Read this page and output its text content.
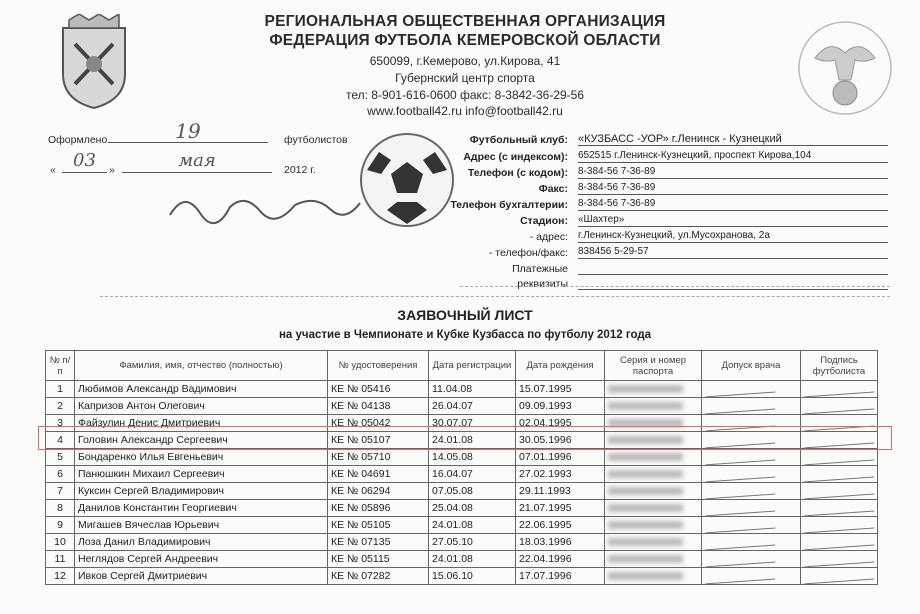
РЕГИОНАЛЬНАЯ ОБЩЕСТВЕННАЯ ОРГАНИЗАЦИЯ
ФЕДЕРАЦИЯ ФУТБОЛА КЕМЕРОВСКОЙ ОБЛАСТИ
650099, г.Кемерово, ул.Кирова, 41
Губернский центр спорта
тел: 8-901-616-0600 факс: 8-3842-36-29-56
www.football42.ru info@football42.ru
Оформлено	19	футболистов
« 03	»	мая	2012 г.
Футбольный клуб: «КУЗБАСС -УОР» г.Ленинск - Кузнецкий
Адрес (с индексом): 652515 г.Ленинск-Кузнецкий, проспект Кирова,104
Телефон (с кодом): 8-384-56 7-36-89
Факс: 8-384-56 7-36-89
Телефон бухгалтерии: 8-384-56 7-36-89
Стадион: «Шахтер»
- адрес: г.Ленинск-Кузнецкий, ул.Мусохранова, 2а
- телефон/факс: 838456 5-29-57
Платежные
реквизиты
ЗАЯВОЧНЫЙ ЛИСТ
на участие в Чемпионате и Кубке Кузбасса по футболу 2012 года
№ п/п	Фамилия, имя, отчество (полностью)	№ удостоверения	Дата регистрации	Дата рождения	Серия и номер паспорта	Допуск врача	Подпись футболиста
1	Любимов Александр Вадимович	КЕ № 05416	11.04.08	15.07.1995			
2	Капризов Антон Олегович	КЕ № 04138	26.04.07	09.09.1993			
3	Файзулин Денис Дмитриевич	КЕ № 05042	30.07.07	02.04.1995			
4	Головин Александр Сергеевич	КЕ № 05107	24.01.08	30.05.1996			
5	Бондаренко Илья Евгеньевич	КЕ № 05710	14.05.08	07.01.1996			
6	Панюшкин Михаил Сергеевич	КЕ № 04691	16.04.07	27.02.1993			
7	Куксин Сергей Владимирович	КЕ № 06294	07.05.08	29.11.1993			
8	Данилов Константин Георгиевич	КЕ № 05896	25.04.08	21.07.1995			
9	Мигашев Вячеслав Юрьевич	КЕ № 05105	24.01.08	22.06.1995			
10	Лоза Данил Владимирович	КЕ № 07135	27.05.10	18.03.1996			
11	Неглядов Сергей Андреевич	КЕ № 05115	24.01.08	22.04.1996			
12	Ивков Сергей Дмитриевич	КЕ № 07282	15.06.10	17.07.1996			
